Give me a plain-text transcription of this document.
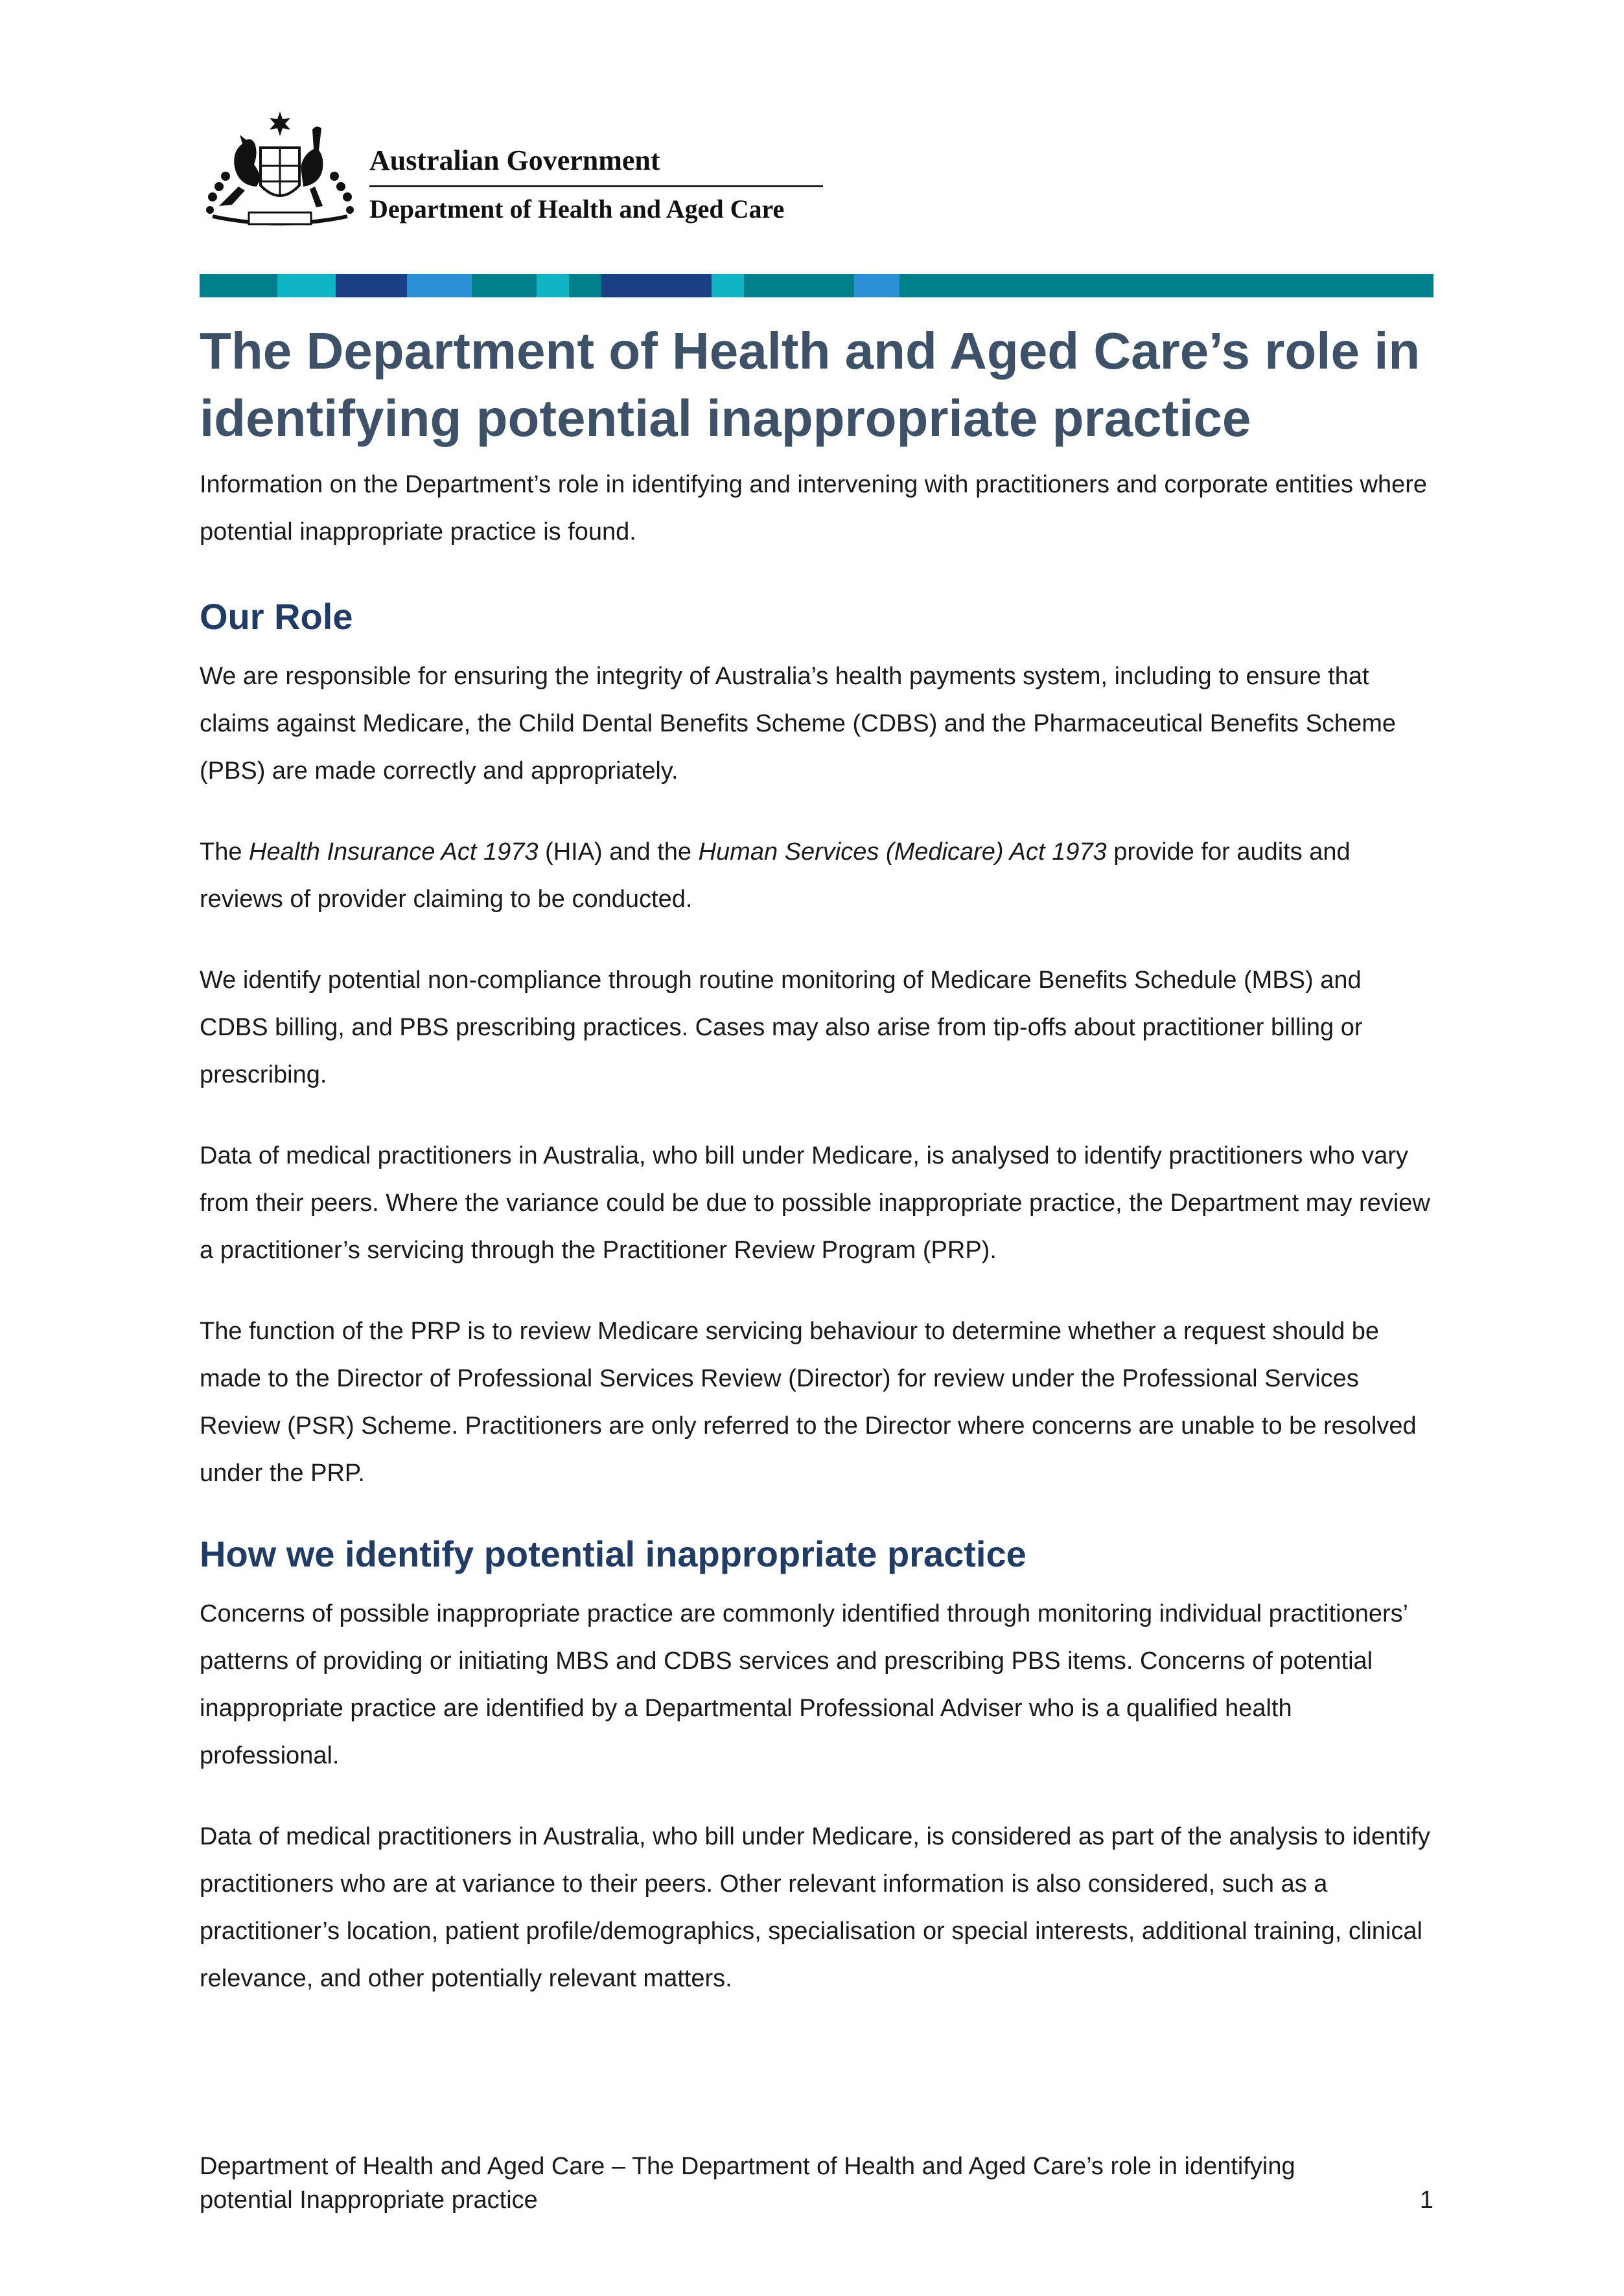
Australian Government
Department of Health and Aged Care
The Department of Health and Aged Care’s role in identifying potential inappropriate practice

Information on the Department’s role in identifying and intervening with practitioners and corporate entities where potential inappropriate practice is found.

Our Role

We are responsible for ensuring the integrity of Australia’s health payments system, including to ensure that claims against Medicare, the Child Dental Benefits Scheme (CDBS) and the Pharmaceutical Benefits Scheme (PBS) are made correctly and appropriately.

The Health Insurance Act 1973 (HIA) and the Human Services (Medicare) Act 1973 provide for audits and reviews of provider claiming to be conducted.

We identify potential non-compliance through routine monitoring of Medicare Benefits Schedule (MBS) and CDBS billing, and PBS prescribing practices. Cases may also arise from tip-offs about practitioner billing or prescribing.

Data of medical practitioners in Australia, who bill under Medicare, is analysed to identify practitioners who vary from their peers. Where the variance could be due to possible inappropriate practice, the Department may review a practitioner’s servicing through the Practitioner Review Program (PRP).

The function of the PRP is to review Medicare servicing behaviour to determine whether a request should be made to the Director of Professional Services Review (Director) for review under the Professional Services Review (PSR) Scheme. Practitioners are only referred to the Director where concerns are unable to be resolved under the PRP.

How we identify potential inappropriate practice

Concerns of possible inappropriate practice are commonly identified through monitoring individual practitioners’ patterns of providing or initiating MBS and CDBS services and prescribing PBS items. Concerns of potential inappropriate practice are identified by a Departmental Professional Adviser who is a qualified health professional.

Data of medical practitioners in Australia, who bill under Medicare, is considered as part of the analysis to identify practitioners who are at variance to their peers. Other relevant information is also considered, such as a practitioner’s location, patient profile/demographics, specialisation or special interests, additional training, clinical relevance, and other potentially relevant matters.

Department of Health and Aged Care – The Department of Health and Aged Care’s role in identifying
potential Inappropriate practice	1
